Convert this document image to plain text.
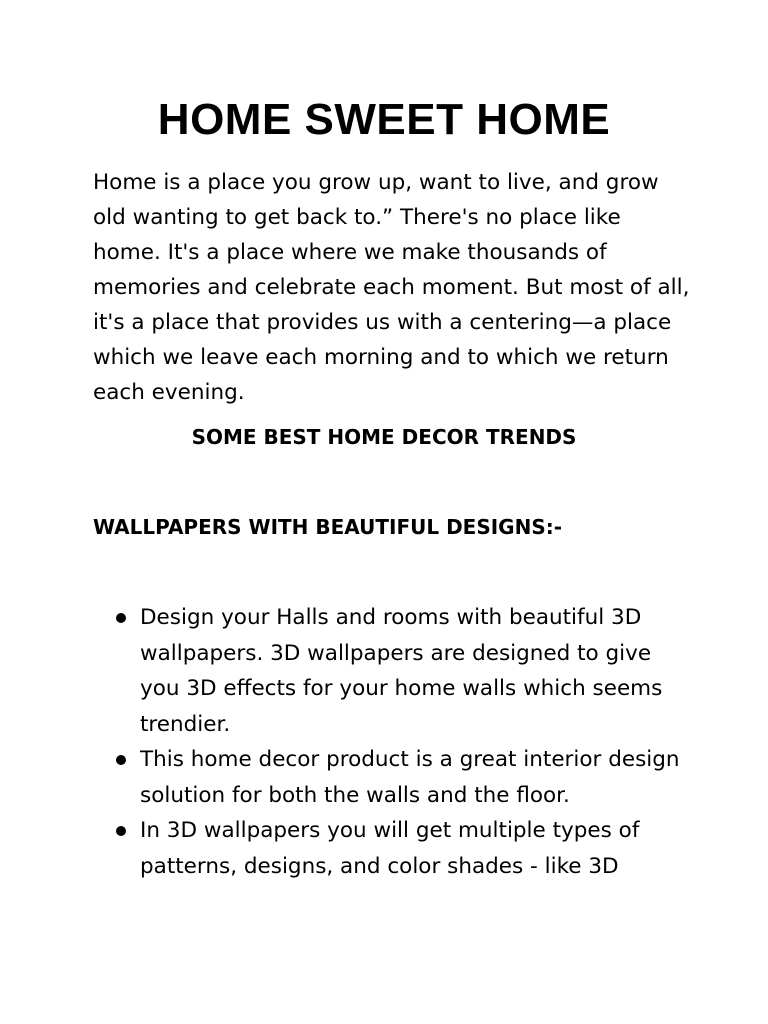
HOME SWEET HOME

Home is a place you grow up, want to live, and grow old wanting to get back to.” There's no place like home. It's a place where we make thousands of memories and celebrate each moment. But most of all, it's a place that provides us with a centering—a place which we leave each morning and to which we return each evening.

SOME BEST HOME DECOR TRENDS
WALLPAPERS WITH BEAUTIFUL DESIGNS:-
Design your Halls and rooms with beautiful 3D wallpapers. 3D wallpapers are designed to give you 3D effects for your home walls which seems trendier.
This home decor product is a great interior design solution for both the walls and the floor.
In 3D wallpapers you will get multiple types of patterns, designs, and color shades - like 3D
